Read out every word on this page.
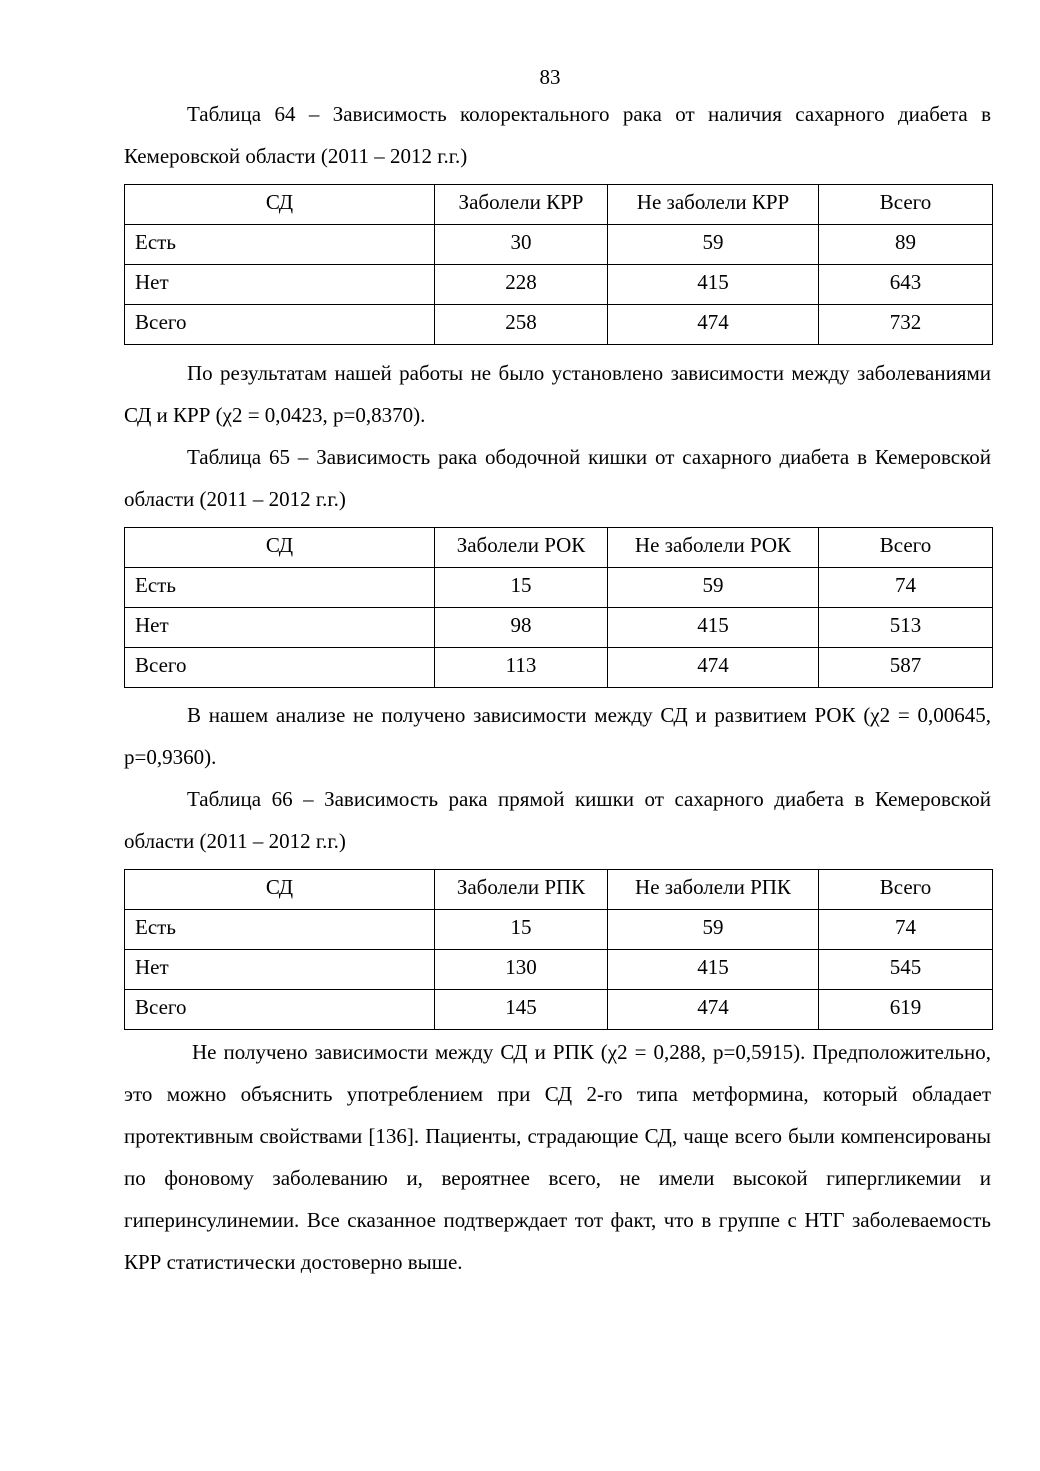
83

Таблица 64 – Зависимость колоректального рака от наличия сахарного диабета в Кемеровской области (2011 – 2012 г.г.)

СД	Заболели КРР	Не заболели КРР	Всего
Есть	30	59	89
Нет	228	415	643
Всего	258	474	732

По результатам нашей работы не было установлено зависимости между заболеваниями СД и КРР (χ2 = 0,0423, p=0,8370).

Таблица 65 – Зависимость рака ободочной кишки от сахарного диабета в Кемеровской области (2011 – 2012 г.г.)

СД	Заболели РОК	Не заболели РОК	Всего
Есть	15	59	74
Нет	98	415	513
Всего	113	474	587

В нашем анализе не получено зависимости между СД и развитием РОК (χ2 = 0,00645, p=0,9360).

Таблица 66 – Зависимость рака прямой кишки от сахарного диабета в Кемеровской области (2011 – 2012 г.г.)

СД	Заболели РПК	Не заболели РПК	Всего
Есть	15	59	74
Нет	130	415	545
Всего	145	474	619

Не получено зависимости между СД и РПК (χ2 = 0,288, p=0,5915). Предположительно, это можно объяснить употреблением при СД 2-го типа метформина, который обладает протективным свойствами [136]. Пациенты, страдающие СД, чаще всего были компенсированы по фоновому заболеванию и, вероятнее всего, не имели высокой гипергликемии и гиперинсулинемии. Все сказанное подтверждает тот факт, что в группе с НТГ заболеваемость КРР статистически достоверно выше.
